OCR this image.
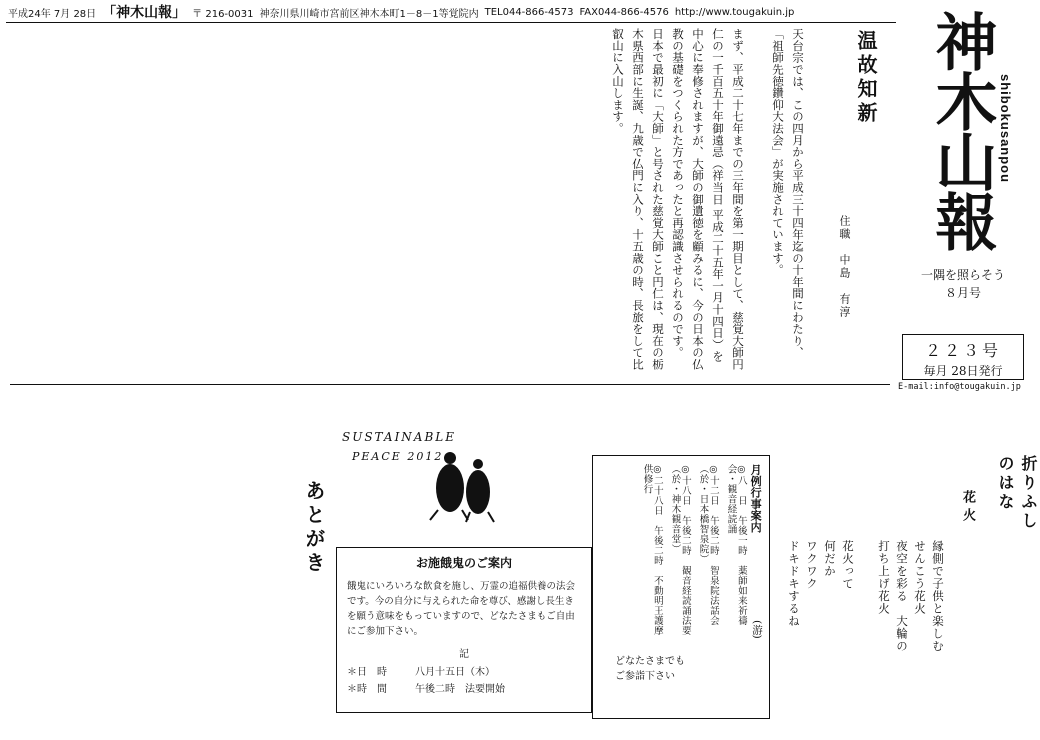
平成24年 7月 28日 「神木山報」 〒 216-0031 神奈川県川崎市宮前区神木本町1－8－1等覚院内 TEL044-866-4573 FAX044-866-4576 http://www.tougakuin.jp 神木山報 shibokusanpou
一隅を照らそう
８月号
２２３号
毎月 28日発行
E-mail:info@tougakuin.jp
温故知新
住職　中島　有淳
天台宗では、この四月から平成三十四年迄の十年間にわたり、「祖師先徳鑽仰大法会」が実施されています。
まず、平成二十七年までの三年間を第一期目として、慈覚大師円仁の一千百五十年御遠忌（祥当日 平成二十五年一月十四日）を中心に奉修されますが、大師の御遺徳を顧みるに、今の日本の仏教の基礎をつくられた方であったと再認識させられるのです。
日本で最初に「大師」と号された慈覚大師こと円仁は、現在の栃木県西部に生誕、九歳で仏門に入り、十五歳の時、長旅をして比叡山に入山します。
折りふしのはな
花火
縁側で子供と楽しむ
せんこう花火
夜空を彩る　大輪の
打ち上げ花火
花火って
何だか
ワクワク
ドキドキするね
(游)
月例行事案内
◎八　日　午後一時　薬師如来祈禱会・観音経読誦
◎十二日　午後二時　智泉院法話会（於・日本橋智泉院）
◎十八日　午後二時　観音経読誦法要（於・神木観音堂）
◎二十八日　午後二時　不動明王護摩供修行
どなたさまでも
ご参詣下さい
SUSTAINABLE
PEACE 2012
あとがき	お施餓鬼のご案内
餓鬼にいろいろな飲食を施し、万霊の追福供養の法会です。今の自分に与えられた命を尊び、感謝し長生きを願う意味をもっていますので、どなたさまもご自由にご参加下さい。
記
＊日　時	八月十五日（木）
＊時　間	午後二時　法要開始
